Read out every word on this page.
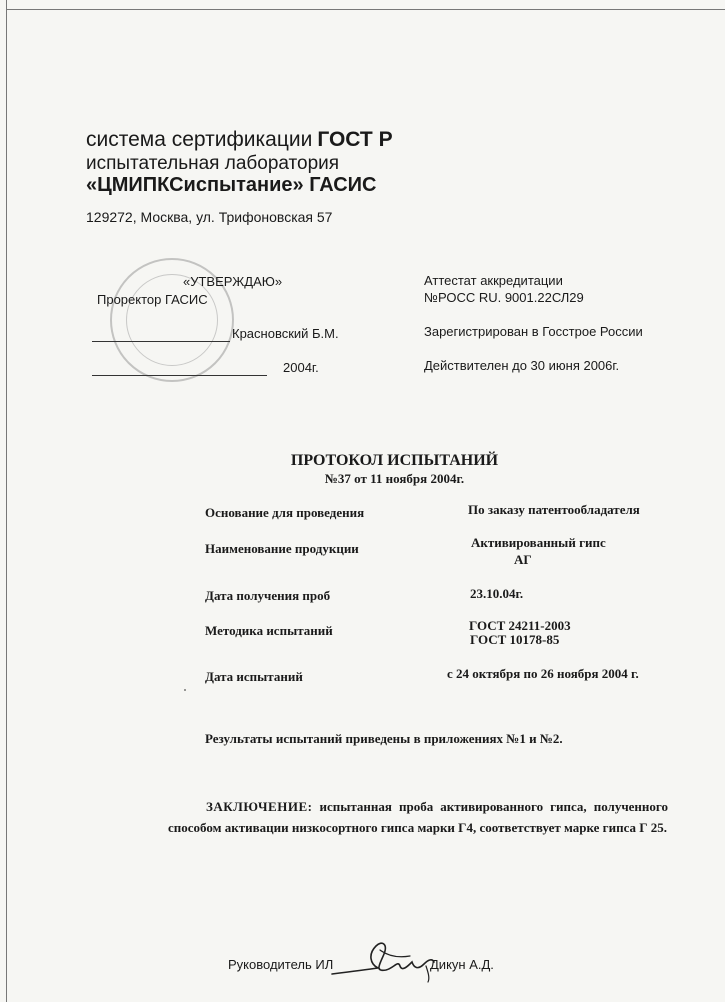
система сертификации ГОСТ Р
испытательная лаборатория
«ЦМИПКСиспытание» ГАСИС
129272, Москва, ул. Трифоновская 57
«УТВЕРЖДАЮ»
Проректор ГАСИС
Красновский Б.М.
2004г.
Аттестат аккредитации
№РОСС RU. 9001.22СЛ29
Зарегистрирован в Госстрое России
Действителен до 30 июня 2006г.
ПРОТОКОЛ ИСПЫТАНИЙ
№37 от 11 ноября 2004г.
Основание для проведения	По заказу патентообладателя
Наименование продукции	Активированный гипс
АГ
Дата получения проб	23.10.04г.
Методика испытаний	ГОСТ 24211-2003
ГОСТ 10178-85
Дата испытаний	с 24 октября по 26 ноября 2004 г.
Результаты испытаний приведены в приложениях №1 и №2.
ЗАКЛЮЧЕНИЕ: испытанная проба активированного гипса, полученного способом активации низкосортного гипса марки Г4, соответствует марке гипса Г 25.
Руководитель ИЛ	Дикун А.Д.
